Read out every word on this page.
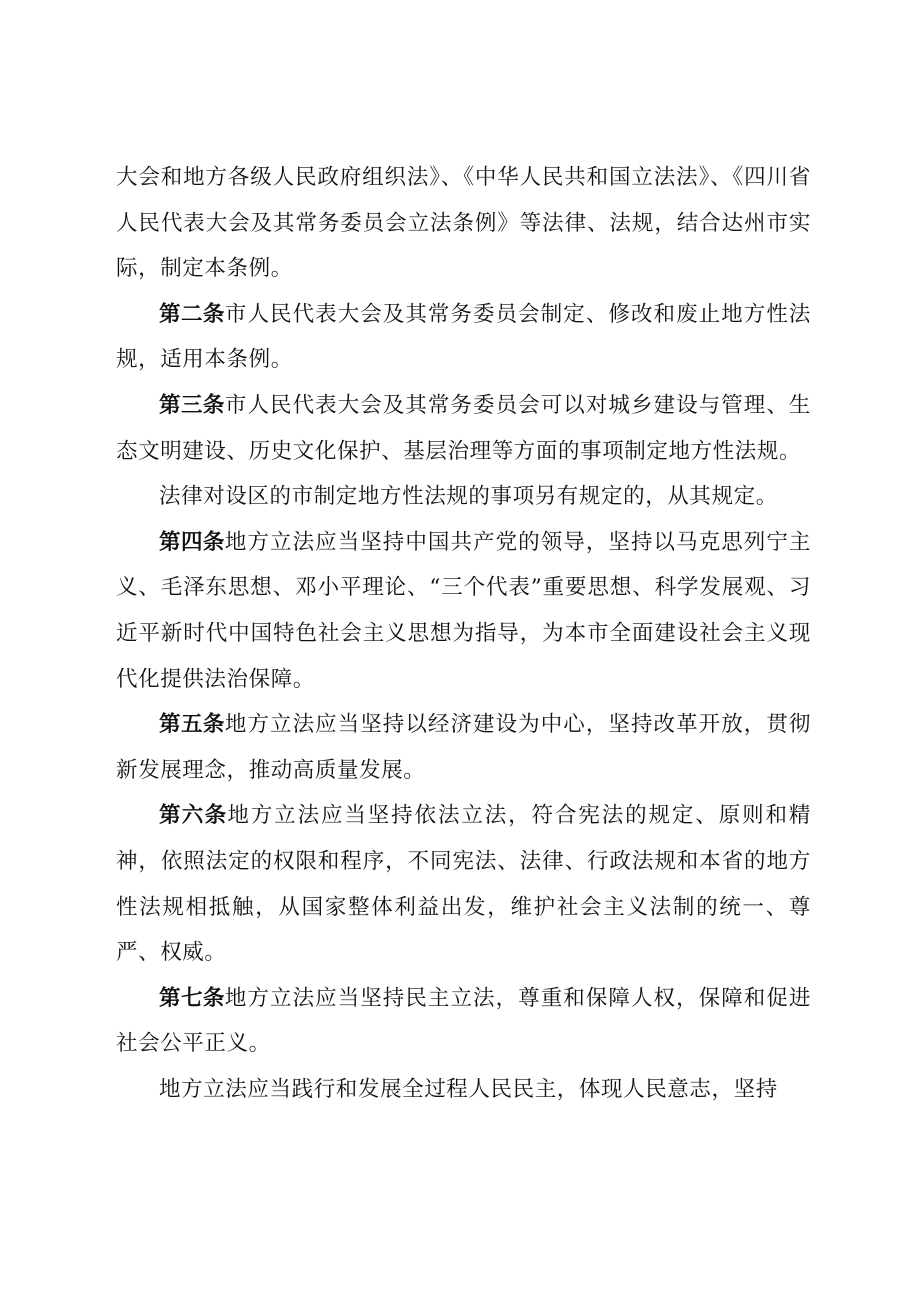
大会和地方各级人民政府组织法》、《中华人民共和国立法法》、《四川省人民代表大会及其常务委员会立法条例》等法律、法规，结合达州市实际，制定本条例。

第二条市人民代表大会及其常务委员会制定、修改和废止地方性法规，适用本条例。

第三条市人民代表大会及其常务委员会可以对城乡建设与管理、生态文明建设、历史文化保护、基层治理等方面的事项制定地方性法规。

法律对设区的市制定地方性法规的事项另有规定的，从其规定。

第四条地方立法应当坚持中国共产党的领导，坚持以马克思列宁主义、毛泽东思想、邓小平理论、“三个代表”重要思想、科学发展观、习近平新时代中国特色社会主义思想为指导，为本市全面建设社会主义现代化提供法治保障。

第五条地方立法应当坚持以经济建设为中心，坚持改革开放，贯彻新发展理念，推动高质量发展。

第六条地方立法应当坚持依法立法，符合宪法的规定、原则和精神，依照法定的权限和程序，不同宪法、法律、行政法规和本省的地方性法规相抵触，从国家整体利益出发，维护社会主义法制的统一、尊严、权威。

第七条地方立法应当坚持民主立法，尊重和保障人权，保障和促进社会公平正义。

地方立法应当践行和发展全过程人民民主，体现人民意志，坚持
